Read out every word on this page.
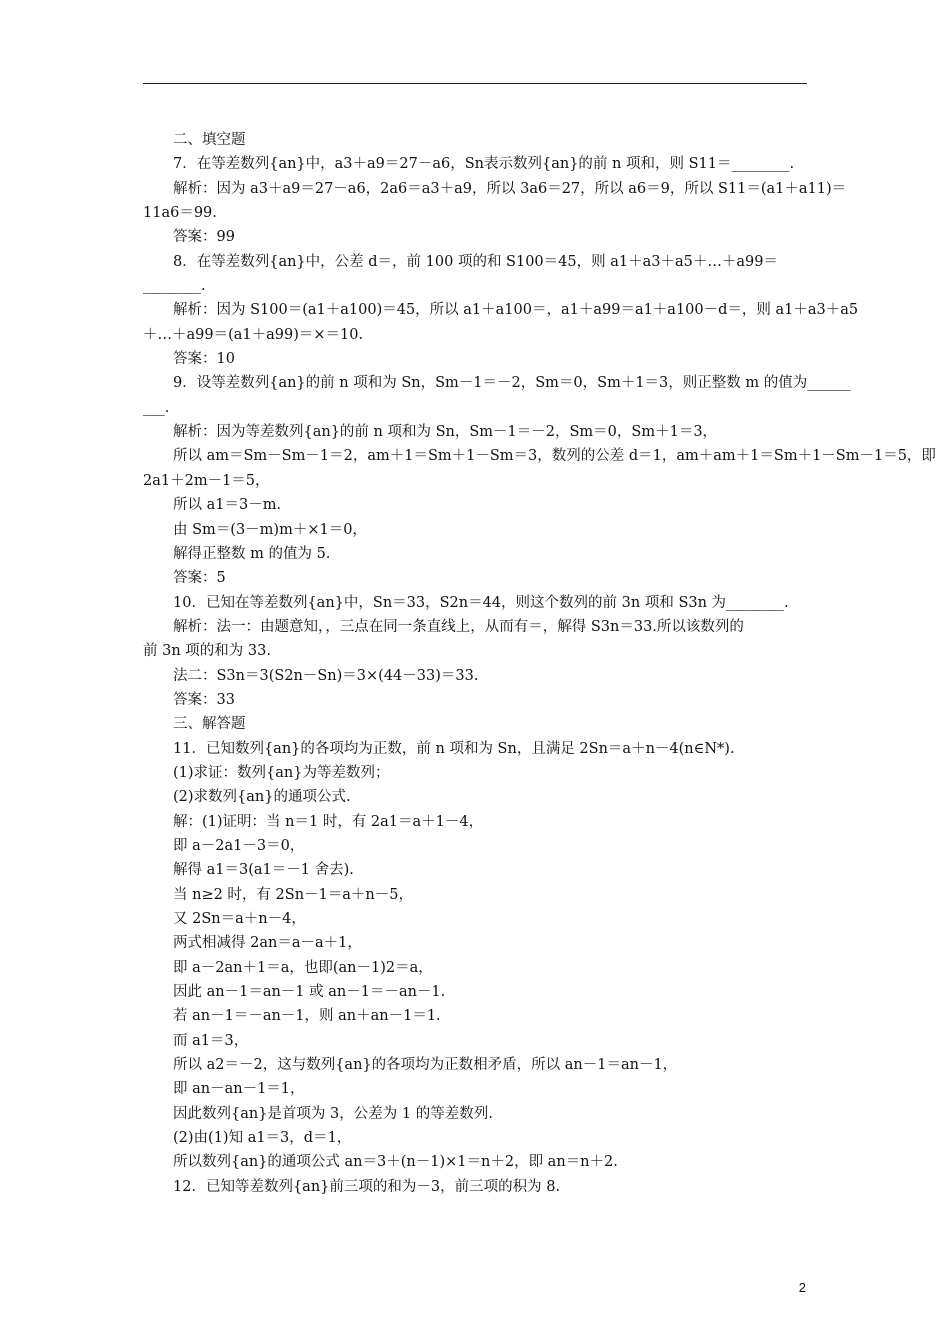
二、填空题
7．在等差数列{an}中，a3＋a9＝27－a6，Sn表示数列{an}的前 n 项和，则 S11＝________.
解析：因为 a3＋a9＝27－a6，2a6＝a3＋a9，所以 3a6＝27，所以 a6＝9，所以 S11＝(a1＋a11)＝
11a6＝99.
答案：99
8．在等差数列{an}中，公差 d＝，前 100 项的和 S100＝45，则 a1＋a3＋a5＋…＋a99＝
________.
解析：因为 S100＝(a1＋a100)＝45，所以 a1＋a100＝，a1＋a99＝a1＋a100－d＝，则 a1＋a3＋a5
＋…＋a99＝(a1＋a99)＝×＝10.
答案：10
9．设等差数列{an}的前 n 项和为 Sn，Sm－1＝－2，Sm＝0，Sm＋1＝3，则正整数 m 的值为______
___.
解析：因为等差数列{an}的前 n 项和为 Sn，Sm－1＝－2，Sm＝0，Sm＋1＝3，
所以 am＝Sm－Sm－1＝2，am＋1＝Sm＋1－Sm＝3，数列的公差 d＝1，am＋am＋1＝Sm＋1－Sm－1＝5，即
2a1＋2m－1＝5，
所以 a1＝3－m.
由 Sm＝(3－m)m＋×1＝0，
解得正整数 m 的值为 5.
答案：5
10．已知在等差数列{an}中，Sn＝33，S2n＝44，则这个数列的前 3n 项和 S3n 为________.
解析：法一：由题意知，，三点在同一条直线上，从而有＝，解得 S3n＝33.所以该数列的
前 3n 项的和为 33.
法二：S3n＝3(S2n－Sn)＝3×(44－33)＝33.
答案：33
三、解答题
11．已知数列{an}的各项均为正数，前 n 项和为 Sn，且满足 2Sn＝a＋n－4(n∈N*).
(1)求证：数列{an}为等差数列；
(2)求数列{an}的通项公式.
解：(1)证明：当 n＝1 时，有 2a1＝a＋1－4，
即 a－2a1－3＝0，
解得 a1＝3(a1＝－1 舍去).
当 n≥2 时，有 2Sn－1＝a＋n－5，
又 2Sn＝a＋n－4，
两式相减得 2an＝a－a＋1，
即 a－2an＋1＝a，也即(an－1)2＝a，
因此 an－1＝an－1 或 an－1＝－an－1.
若 an－1＝－an－1，则 an＋an－1＝1.
而 a1＝3，
所以 a2＝－2，这与数列{an}的各项均为正数相矛盾，所以 an－1＝an－1，
即 an－an－1＝1，
因此数列{an}是首项为 3，公差为 1 的等差数列.
(2)由(1)知 a1＝3，d＝1，
所以数列{an}的通项公式 an＝3＋(n－1)×1＝n＋2，即 an＝n＋2.
12．已知等差数列{an}前三项的和为－3，前三项的积为 8.
2
